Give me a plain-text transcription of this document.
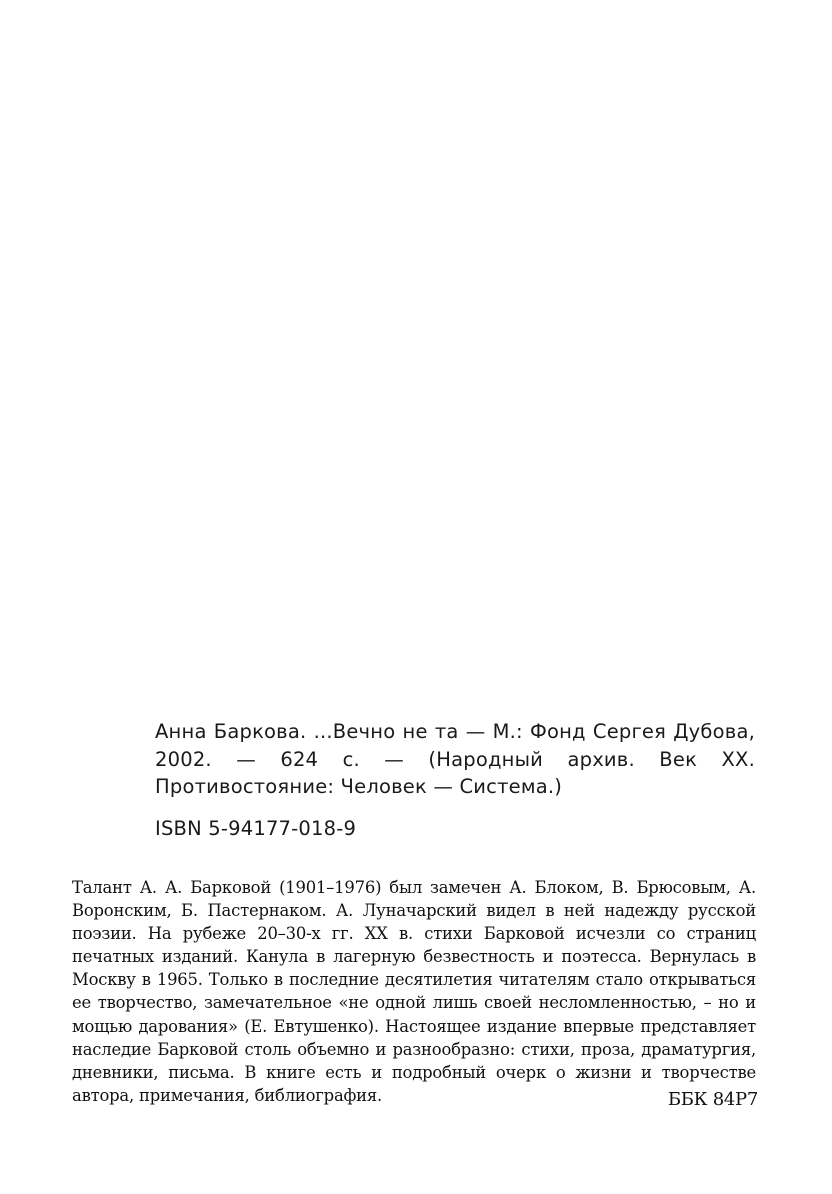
Анна Баркова. ...Вечно не та — М.: Фонд Сергея Дубова, 2002. — 624 с. — (Народный архив. Век XX. Противостояние: Человек — Система.)
ISBN 5-94177-018-9
Талант А. А. Барковой (1901–1976) был замечен А. Блоком, В. Брюсовым, А. Воронским, Б. Пастернаком. А. Луначарский видел в ней надежду русской поэзии. На рубеже 20–30-х гг. XX в. стихи Барковой исчезли со страниц печатных изданий. Канула в лагерную безвестность и поэтесса. Вернулась в Москву в 1965. Только в последние десятилетия читателям стало открываться ее творчество, замечательное «не одной лишь своей несломленностью, – но и мощью дарования» (Е. Евтушенко). Настоящее издание впервые представляет наследие Барковой столь объемно и разнообразно: стихи, проза, драматургия, дневники, письма. В книге есть и подробный очерк о жизни и творчестве автора, примечания, библиография.	ББК 84Р7
